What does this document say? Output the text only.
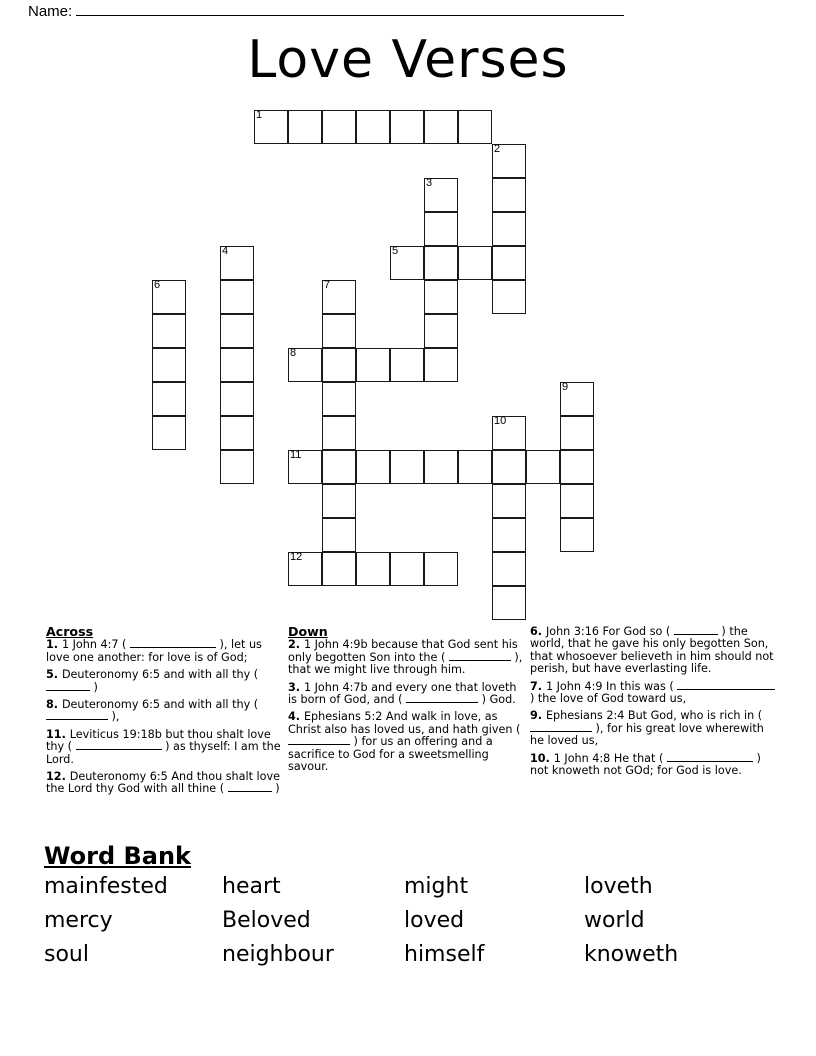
Name:
Love Verses
1
2
3
4	5
6	7
8
9
10
11
12
Across
1. 1 John 4:7 (	), let us love one another: for love is of God;
5. Deuteronomy 6:5 and with all thy (  )
8. Deuteronomy 6:5 and with all thy (  ),
11. Leviticus 19:18b but thou shalt love thy (	) as thyself: I am the Lord.
12. Deuteronomy 6:5 And thou shalt love the Lord thy God with all thine (	)
Down
2. 1 John 4:9b because that God sent his only begotten Son into the (	), that we might live through him.
3. 1 John 4:7b and every one that loveth is born of God, and (	) God.
4. Ephesians 5:2 And walk in love, as Christ also has loved us, and hath given (  ) for us an offering and a sacrifice to God for a sweetsmelling savour.
6. John 3:16 For God so (	) the world, that he gave his only begotten Son, that whosoever believeth in him should not perish, but have everlasting life.
7. 1 John 4:9 In this was (  ) the love of God toward us,
9. Ephesians 2:4 But God, who is rich in (  ), for his great love wherewith he loved us,
10. 1 John 4:8 He that (	) not knoweth not GOd; for God is love.
Word Bank
mainfested	heart	might	loveth
mercy	Beloved	loved	world
soul	neighbour	himself	knoweth
